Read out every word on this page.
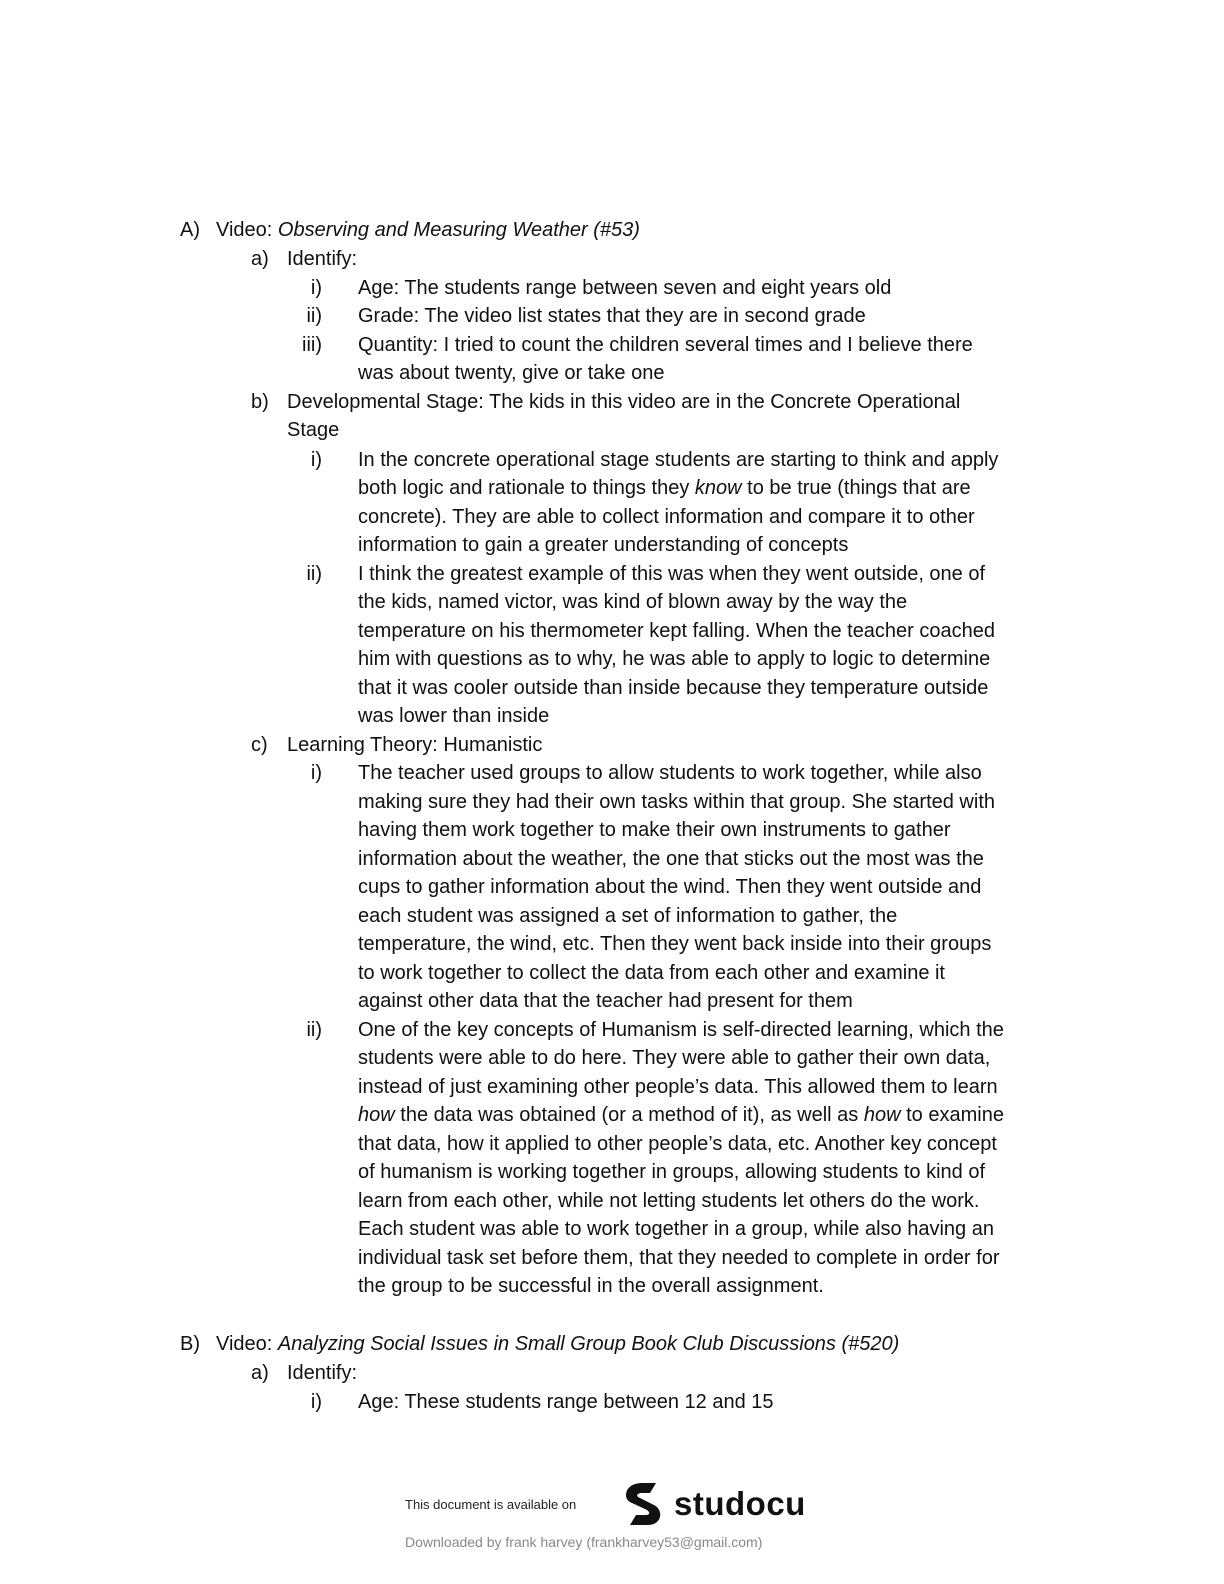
A) Video: Observing and Measuring Weather (#53)
a) Identify:
i) Age: The students range between seven and eight years old
ii) Grade: The video list states that they are in second grade
iii) Quantity: I tried to count the children several times and I believe there
was about twenty, give or take one
b) Developmental Stage: The kids in this video are in the Concrete Operational
Stage
i) In the concrete operational stage students are starting to think and apply
both logic and rationale to things they know to be true (things that are
concrete). They are able to collect information and compare it to other
information to gain a greater understanding of concepts
ii) I think the greatest example of this was when they went outside, one of
the kids, named victor, was kind of blown away by the way the
temperature on his thermometer kept falling. When the teacher coached
him with questions as to why, he was able to apply to logic to determine
that it was cooler outside than inside because they temperature outside
was lower than inside
c) Learning Theory: Humanistic
i) The teacher used groups to allow students to work together, while also
making sure they had their own tasks within that group. She started with
having them work together to make their own instruments to gather
information about the weather, the one that sticks out the most was the
cups to gather information about the wind. Then they went outside and
each student was assigned a set of information to gather, the
temperature, the wind, etc. Then they went back inside into their groups
to work together to collect the data from each other and examine it
against other data that the teacher had present for them
ii) One of the key concepts of Humanism is self-directed learning, which the
students were able to do here. They were able to gather their own data,
instead of just examining other people’s data. This allowed them to learn
how the data was obtained (or a method of it), as well as how to examine
that data, how it applied to other people’s data, etc. Another key concept
of humanism is working together in groups, allowing students to kind of
learn from each other, while not letting students let others do the work.
Each student was able to work together in a group, while also having an
individual task set before them, that they needed to complete in order for
the group to be successful in the overall assignment.
B) Video: Analyzing Social Issues in Small Group Book Club Discussions (#520)
a) Identify:
i) Age: These students range between 12 and 15
This document is available on	studocu
Downloaded by frank harvey (frankharvey53@gmail.com)
